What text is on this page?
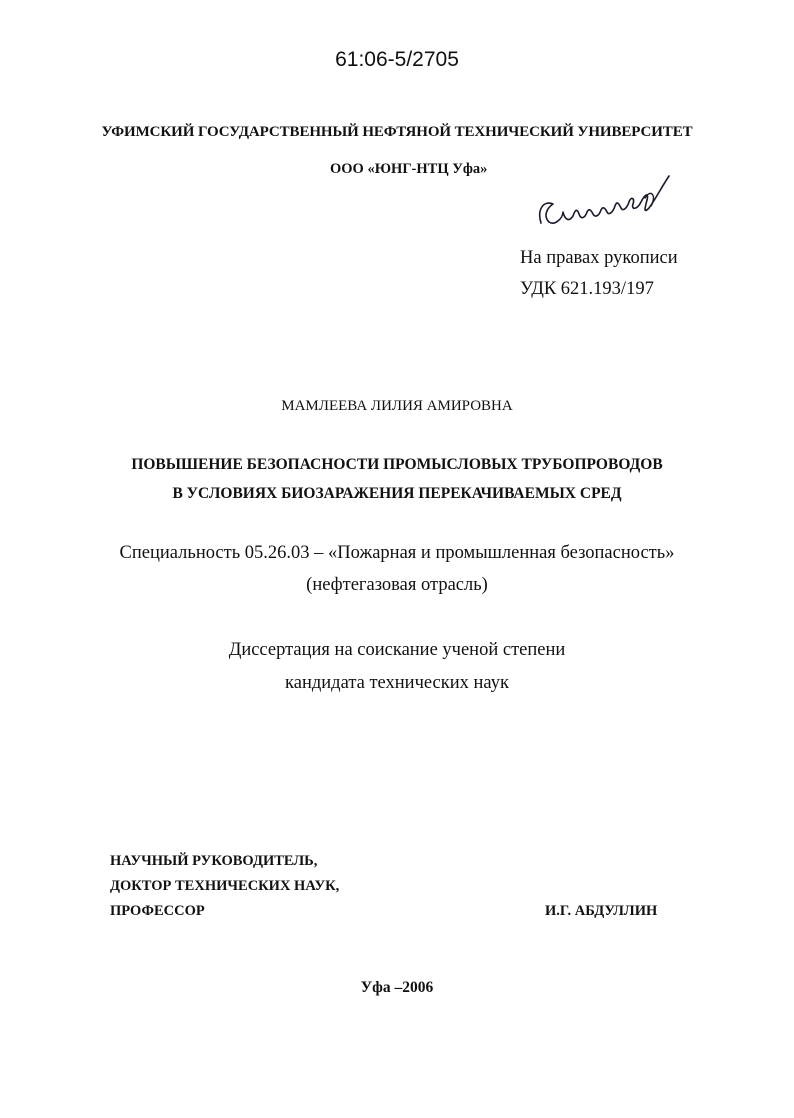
61:06-5/2705
УФИМСКИЙ ГОСУДАРСТВЕННЫЙ НЕФТЯНОЙ ТЕХНИЧЕСКИЙ УНИВЕРСИТЕТ
ООО «ЮНГ-НТЦ Уфа»
На правах рукописи
УДК 621.193/197
МАМЛЕЕВА ЛИЛИЯ АМИРОВНА
ПОВЫШЕНИЕ БЕЗОПАСНОСТИ ПРОМЫСЛОВЫХ ТРУБОПРОВОДОВ
В УСЛОВИЯХ БИОЗАРАЖЕНИЯ ПЕРЕКАЧИВАЕМЫХ СРЕД
Специальность 05.26.03 – «Пожарная и промышленная безопасность»
(нефтегазовая отрасль)
Диссертация на соискание ученой степени
кандидата технических наук
НАУЧНЫЙ РУКОВОДИТЕЛЬ,
ДОКТОР ТЕХНИЧЕСКИХ НАУК,
ПРОФЕССОР	И.Г. АБДУЛЛИН
Уфа –2006
